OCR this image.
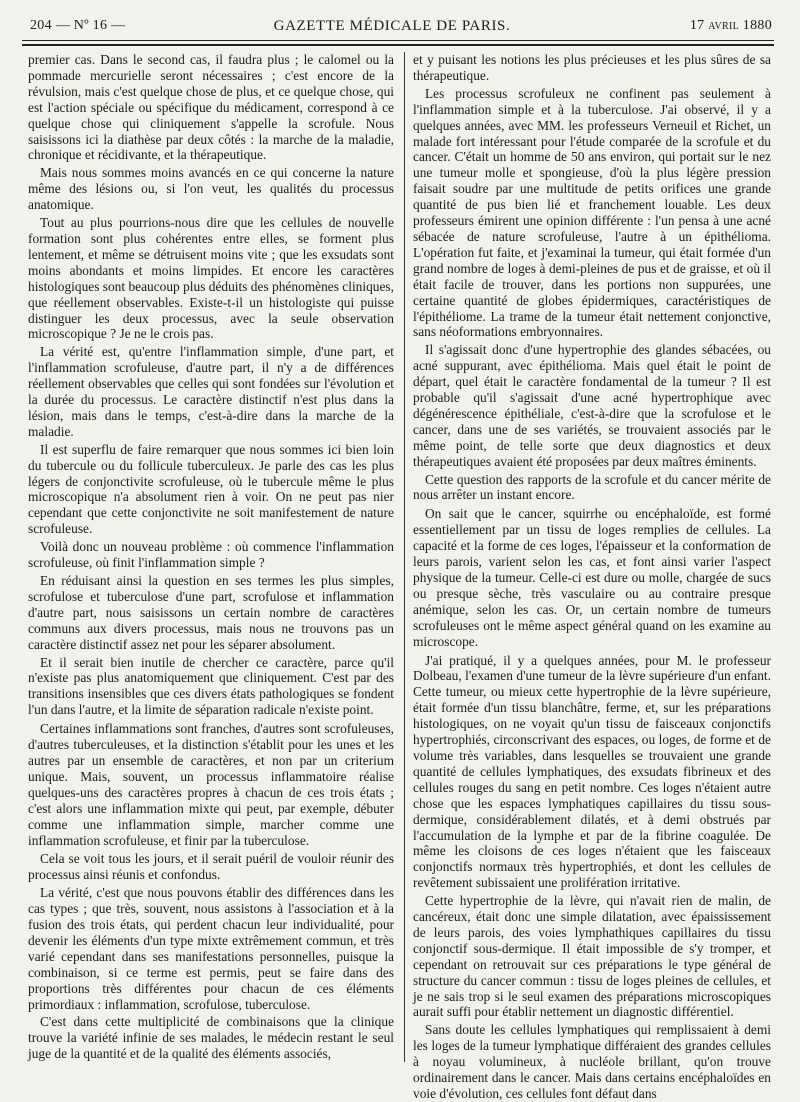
204 — Nº 16 —	GAZETTE MÉDICALE DE PARIS.	17 avril 1880

premier cas. Dans le second cas, il faudra plus ; le calomel ou la pommade mercurielle seront nécessaires ; c'est encore de la révulsion, mais c'est quelque chose de plus, et ce quelque chose, qui est l'action spéciale ou spécifique du médicament, correspond à ce quelque chose qui cliniquement s'appelle la scrofule. Nous saisissons ici la diathèse par deux côtés : la marche de la maladie, chronique et récidivante, et la thérapeutique.

Mais nous sommes moins avancés en ce qui concerne la nature même des lésions ou, si l'on veut, les qualités du processus anatomique.

Tout au plus pourrions-nous dire que les cellules de nouvelle formation sont plus cohérentes entre elles, se forment plus lentement, et même se détruisent moins vite ; que les exsudats sont moins abondants et moins limpides. Et encore les caractères histologiques sont beaucoup plus déduits des phénomènes cliniques, que réellement observables. Existe-t-il un histologiste qui puisse distinguer les deux processus, avec la seule observation microscopique ? Je ne le crois pas.

La vérité est, qu'entre l'inflammation simple, d'une part, et l'inflammation scrofuleuse, d'autre part, il n'y a de différences réellement observables que celles qui sont fondées sur l'évolution et la durée du processus. Le caractère distinctif n'est plus dans la lésion, mais dans le temps, c'est-à-dire dans la marche de la maladie.

Il est superflu de faire remarquer que nous sommes ici bien loin du tubercule ou du follicule tuberculeux. Je parle des cas les plus légers de conjonctivite scrofuleuse, où le tubercule même le plus microscopique n'a absolument rien à voir. On ne peut pas nier cependant que cette conjonctivite ne soit manifestement de nature scrofuleuse.

Voilà donc un nouveau problème : où commence l'inflammation scrofuleuse, où finit l'inflammation simple ?

En réduisant ainsi la question en ses termes les plus simples, scrofulose et tuberculose d'une part, scrofulose et inflammation d'autre part, nous saisissons un certain nombre de caractères communs aux divers processus, mais nous ne trouvons pas un caractère distinctif assez net pour les séparer absolument.

Et il serait bien inutile de chercher ce caractère, parce qu'il n'existe pas plus anatomiquement que cliniquement. C'est par des transitions insensibles que ces divers états pathologiques se fondent l'un dans l'autre, et la limite de séparation radicale n'existe point.

Certaines inflammations sont franches, d'autres sont scrofuleuses, d'autres tuberculeuses, et la distinction s'établit pour les unes et les autres par un ensemble de caractères, et non par un criterium unique. Mais, souvent, un processus inflammatoire réalise quelques-uns des caractères propres à chacun de ces trois états ; c'est alors une inflammation mixte qui peut, par exemple, débuter comme une inflammation simple, marcher comme une inflammation scrofuleuse, et finir par la tuberculose.

Cela se voit tous les jours, et il serait puéril de vouloir réunir des processus ainsi réunis et confondus.

La vérité, c'est que nous pouvons établir des différences dans les cas types ; que très, souvent, nous assistons à l'association et à la fusion des trois états, qui perdent chacun leur individualité, pour devenir les éléments d'un type mixte extrêmement commun, et très varié cependant dans ses manifestations personnelles, puisque la combinaison, si ce terme est permis, peut se faire dans des proportions très différentes pour chacun de ces éléments primordiaux : inflammation, scrofulose, tuberculose.

C'est dans cette multiplicité de combinaisons que la clinique trouve la variété infinie de ses malades, le médecin restant le seul juge de la quantité et de la qualité des éléments associés,

et y puisant les notions les plus précieuses et les plus sûres de sa thérapeutique.

Les processus scrofuleux ne confinent pas seulement à l'inflammation simple et à la tuberculose. J'ai observé, il y a quelques années, avec MM. les professeurs Verneuil et Richet, un malade fort intéressant pour l'étude comparée de la scrofule et du cancer. C'était un homme de 50 ans environ, qui portait sur le nez une tumeur molle et spongieuse, d'où la plus légère pression faisait soudre par une multitude de petits orifices une grande quantité de pus bien lié et franchement louable. Les deux professeurs émirent une opinion différente : l'un pensa à une acné sébacée de nature scrofuleuse, l'autre à un épithélioma. L'opération fut faite, et j'examinai la tumeur, qui était formée d'un grand nombre de loges à demi-pleines de pus et de graisse, et où il était facile de trouver, dans les portions non suppurées, une certaine quantité de globes épidermiques, caractéristiques de l'épithéliome. La trame de la tumeur était nettement conjonctive, sans néoformations embryonnaires.

Il s'agissait donc d'une hypertrophie des glandes sébacées, ou acné suppurant, avec épithélioma. Mais quel était le point de départ, quel était le caractère fondamental de la tumeur ? Il est probable qu'il s'agissait d'une acné hypertrophique avec dégénérescence épithéliale, c'est-à-dire que la scrofulose et le cancer, dans une de ses variétés, se trouvaient associés par le même point, de telle sorte que deux diagnostics et deux thérapeutiques avaient été proposées par deux maîtres éminents.

Cette question des rapports de la scrofule et du cancer mérite de nous arrêter un instant encore.

On sait que le cancer, squirrhe ou encéphaloïde, est formé essentiellement par un tissu de loges remplies de cellules. La capacité et la forme de ces loges, l'épaisseur et la conformation de leurs parois, varient selon les cas, et font ainsi varier l'aspect physique de la tumeur. Celle-ci est dure ou molle, chargée de sucs ou presque sèche, très vasculaire ou au contraire presque anémique, selon les cas. Or, un certain nombre de tumeurs scrofuleuses ont le même aspect général quand on les examine au microscope.

J'ai pratiqué, il y a quelques années, pour M. le professeur Dolbeau, l'examen d'une tumeur de la lèvre supérieure d'un enfant. Cette tumeur, ou mieux cette hypertrophie de la lèvre supérieure, était formée d'un tissu blanchâtre, ferme, et, sur les préparations histologiques, on ne voyait qu'un tissu de faisceaux conjonctifs hypertrophiés, circonscrivant des espaces, ou loges, de forme et de volume très variables, dans lesquelles se trouvaient une grande quantité de cellules lymphatiques, des exsudats fibrineux et des cellules rouges du sang en petit nombre. Ces loges n'étaient autre chose que les espaces lymphatiques capillaires du tissu sous-dermique, considérablement dilatés, et à demi obstrués par l'accumulation de la lymphe et par de la fibrine coagulée. De même les cloisons de ces loges n'étaient que les faisceaux conjonctifs normaux très hypertrophiés, et dont les cellules de revêtement subissaient une prolifération irritative.

Cette hypertrophie de la lèvre, qui n'avait rien de malin, de cancéreux, était donc une simple dilatation, avec épaississement de leurs parois, des voies lymphathiques capillaires du tissu conjonctif sous-dermique. Il était impossible de s'y tromper, et cependant on retrouvait sur ces préparations le type général de structure du cancer commun : tissu de loges pleines de cellules, et je ne sais trop si le seul examen des préparations microscopiques aurait suffi pour établir nettement un diagnostic différentiel.

Sans doute les cellules lymphatiques qui remplissaient à demi les loges de la tumeur lymphatique différaient des grandes cellules à noyau volumineux, à nucléole brillant, qu'on trouve ordinairement dans le cancer. Mais dans certains encéphaloïdes en voie d'évolution, ces cellules font défaut dans
